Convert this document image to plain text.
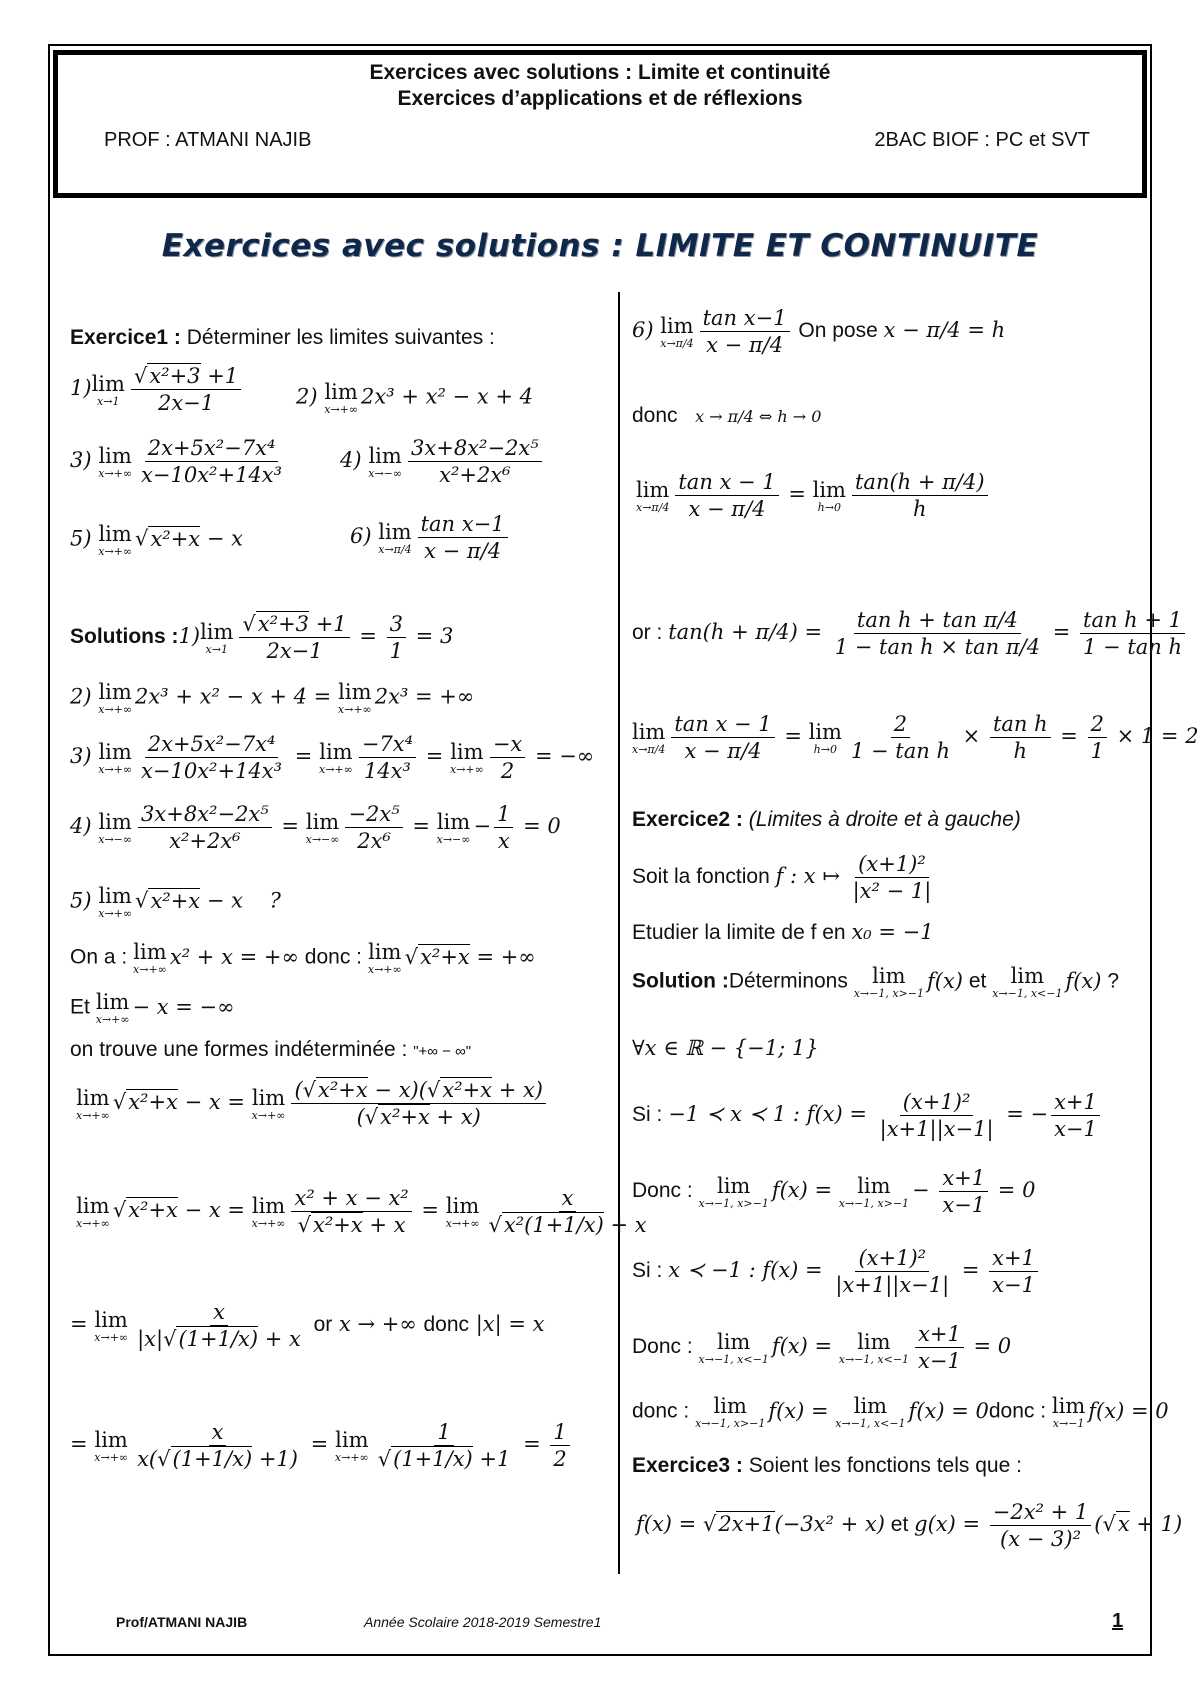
Exercices avec solutions : Limite et continuité
Exercices d’applications et de réflexions
PROF : ATMANI NAJIB	2BAC BIOF : PC et SVT
Exercices avec solutions : LIMITE ET CONTINUITE
Exercice1 : Déterminer les limites suivantes :
1) lim
$x\to 1 \frac{\text{√x²+3 +1}}{2x-1}$	2) lim
x→+∞
2x³ + x² − x + 4
3) lim
$x\to+\infty \frac{\text{2x+5x²−7x⁴}}{\text{x−10x²+14x³}}$	4) lim
$x\to-\infty \frac{\text{3x+8x²−2x⁵}}{\text{x²+2x⁶}}$
5) lim
x→+∞
√x²+x − x	6) lim
$x\to\pi/4 \frac{\text{tan x−1}}{x - \pi/4}$
Solutions :1) lim
$x\to 1 \frac{\text{√x²+3 +1}}{2x-1} = \frac{3}{1} = 3$
2) lim
x→+∞
2x³ + x² − x + 4 = lim
x→+∞
2x³ = +∞
3) lim
$x\to+\infty \frac{\text{2x+5x²−7x⁴}}{\text{x−10x²+14x³}} = \lim$
$x\to+\infty \frac{\text{−7x⁴}}{\text{14x³}} = \lim$
$x\to+\infty \frac{-x}{2}$ = −∞
4) lim
$x\to-\infty \frac{\text{3x+8x²−2x⁵}}{\text{x²+2x⁶}} = \lim$
$x\to-\infty \frac{\text{−2x⁵}}{\text{2x⁶}} = \lim$
x→−∞
− $\frac{1}{x} = 0$
5) lim
x→+∞
√x²+x − x    ?
On a : lim
x→+∞
x² + x = +∞ donc : lim
x→+∞
√x²+x = +∞
Et lim
x→+∞
− x = −∞
on trouve une formes indéterminée : "+∞ − ∞"
lim
x→+∞
√x²+x − x = lim
$x\to+\infty \frac{\text{(√x²+x − x)(√x²+x + x)}}{\text{(√x²+x + x)}}$
lim
x→+∞
√x²+x − x = lim
$x\to+\infty \frac{\text{x² + x − x²}}{\text{√x²+x + x}} = \lim$
$x\to+\infty \frac{x}{\text{√x²(1+1/x) + x}}$
= lim
$x\to+\infty \frac{x}{|x|√(1+1/x) + x}$ or x → +∞ donc |x| = x
= lim
$x\to+\infty \frac{x}{x(√(1+1/x) +1)} = \lim$
$x\to+\infty \frac{1}{√(1+1/x) +1} = \frac{1}{2}$
6) lim
$x\to\pi/4 \frac{\text{tan x−1}}{x - \pi/4}$ On pose x − π/4 = h
donc x → π/4 ⇔ h → 0
lim
$x\to\pi/4 \frac{\text{tan x − 1}}{x - \pi/4} = \lim$
$h\to 0 \frac{\tan(h + \pi/4)}{h}$
or : $\tan(h + \pi/4) = \frac{\text{tan h + tan π/4}}{\text{1 − tan h × tan π/4}} = \frac{\text{tan h + 1}}{\text{1 − tan h}}$
lim
$x\to\pi/4 \frac{\text{tan x − 1}}{x - \pi/4} = \lim$
$h\to 0 \frac{2}{\text{1 − tan h}} \times \frac{\text{tan h}}{h} = \frac{2}{1} \times 1 = 2$
Exercice2 : (Limites à droite et à gauche)
Soit la fonction f : x ↦ $\frac{\text{(x+1)²}}{\text{|x² − 1|}}$
Etudier la limite de f en x₀ = −1
Solution :Déterminons lim
x→−1, x>−1
f(x) et lim
x→−1, x<−1
f(x) ?
∀x ∈ ℝ − {−1; 1}
Si : −1 ≺ x ≺ 1 : $f(x) = \frac{\text{(x+1)²}}{|x+1||x-1|}$ = − $\frac{x+1}{x-1}$
Donc : lim
x→−1, x>−1
f(x) = lim
x→−1, x>−1
− $\frac{x+1}{x-1} = 0$
Si : x ≺ −1 : $f(x) = \frac{\text{(x+1)²}}{|x+1||x-1|} = \frac{x+1}{x-1}$
Donc : lim
x→−1, x<−1
f(x) = lim
x→−1, $x<-1 \frac{x+1}{x-1} = 0$
donc : lim
x→−1, x>−1
f(x) = lim
x→−1, x<−1
f(x) = 0donc : lim
x→−1
f(x) = 0
Exercice3 : Soient les fonctions tels que :
f(x) = √2x+1(−3x² + x) et $g(x) = \frac{\text{−2x² + 1}}{\text{(x − 3)²}} (√x + 1)$
Prof/ATMANI NAJIB	Année Scolaire 2018-2019 Semestre1	1
